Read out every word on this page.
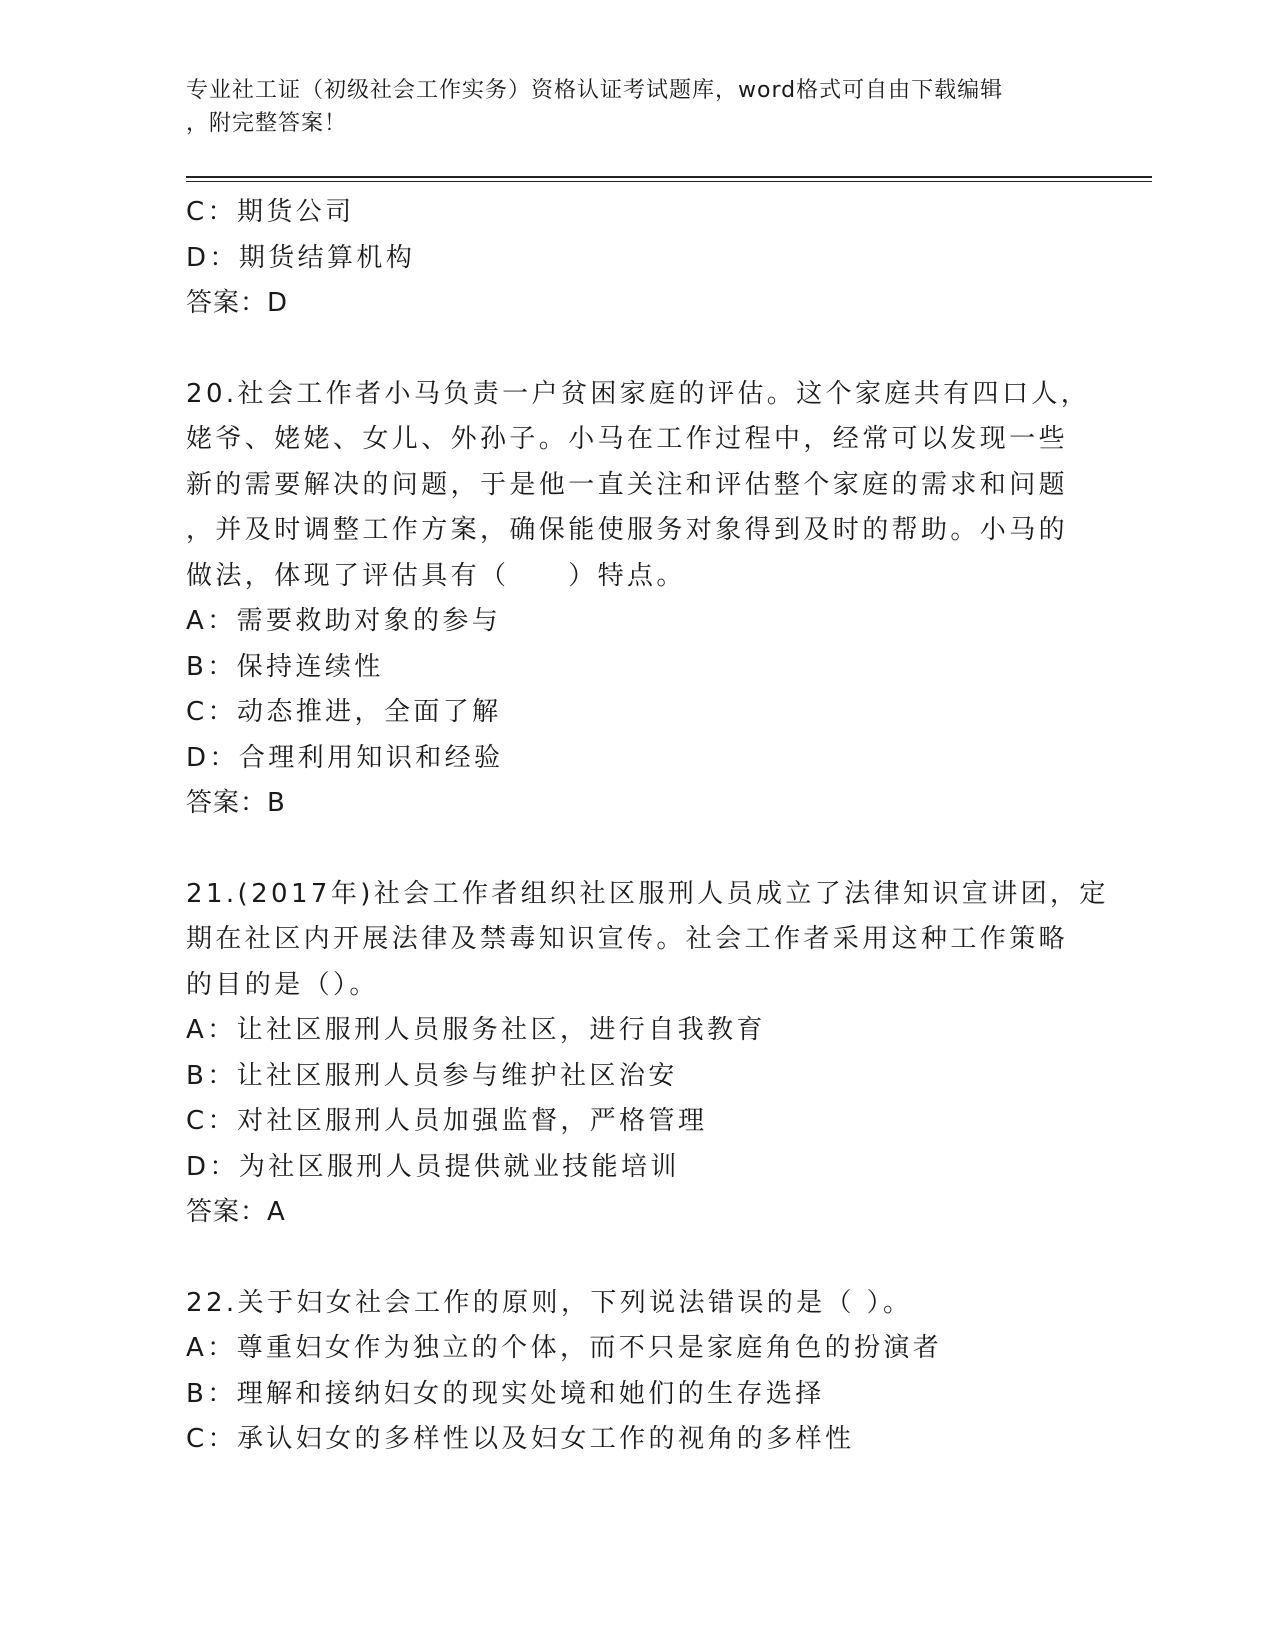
专业社工证（初级社会工作实务）资格认证考试题库，word格式可自由下载编辑
，附完整答案！
C：期货公司
D：期货结算机构
答案：D
20.社会工作者小马负责一户贫困家庭的评估。这个家庭共有四口人，
姥爷、姥姥、女儿、外孙子。小马在工作过程中，经常可以发现一些
新的需要解决的问题，于是他一直关注和评估整个家庭的需求和问题
，并及时调整工作方案，确保能使服务对象得到及时的帮助。小马的
做法，体现了评估具有（　　）特点。
A：需要救助对象的参与
B：保持连续性
C：动态推进，全面了解
D：合理利用知识和经验
答案：B
21.(2017年)社会工作者组织社区服刑人员成立了法律知识宣讲团，定
期在社区内开展法律及禁毒知识宣传。社会工作者采用这种工作策略
的目的是（）。
A：让社区服刑人员服务社区，进行自我教育
B：让社区服刑人员参与维护社区治安
C：对社区服刑人员加强监督，严格管理
D：为社区服刑人员提供就业技能培训
答案：A
22.关于妇女社会工作的原则，下列说法错误的是（ ）。
A：尊重妇女作为独立的个体，而不只是家庭角色的扮演者
B：理解和接纳妇女的现实处境和她们的生存选择
C：承认妇女的多样性以及妇女工作的视角的多样性
